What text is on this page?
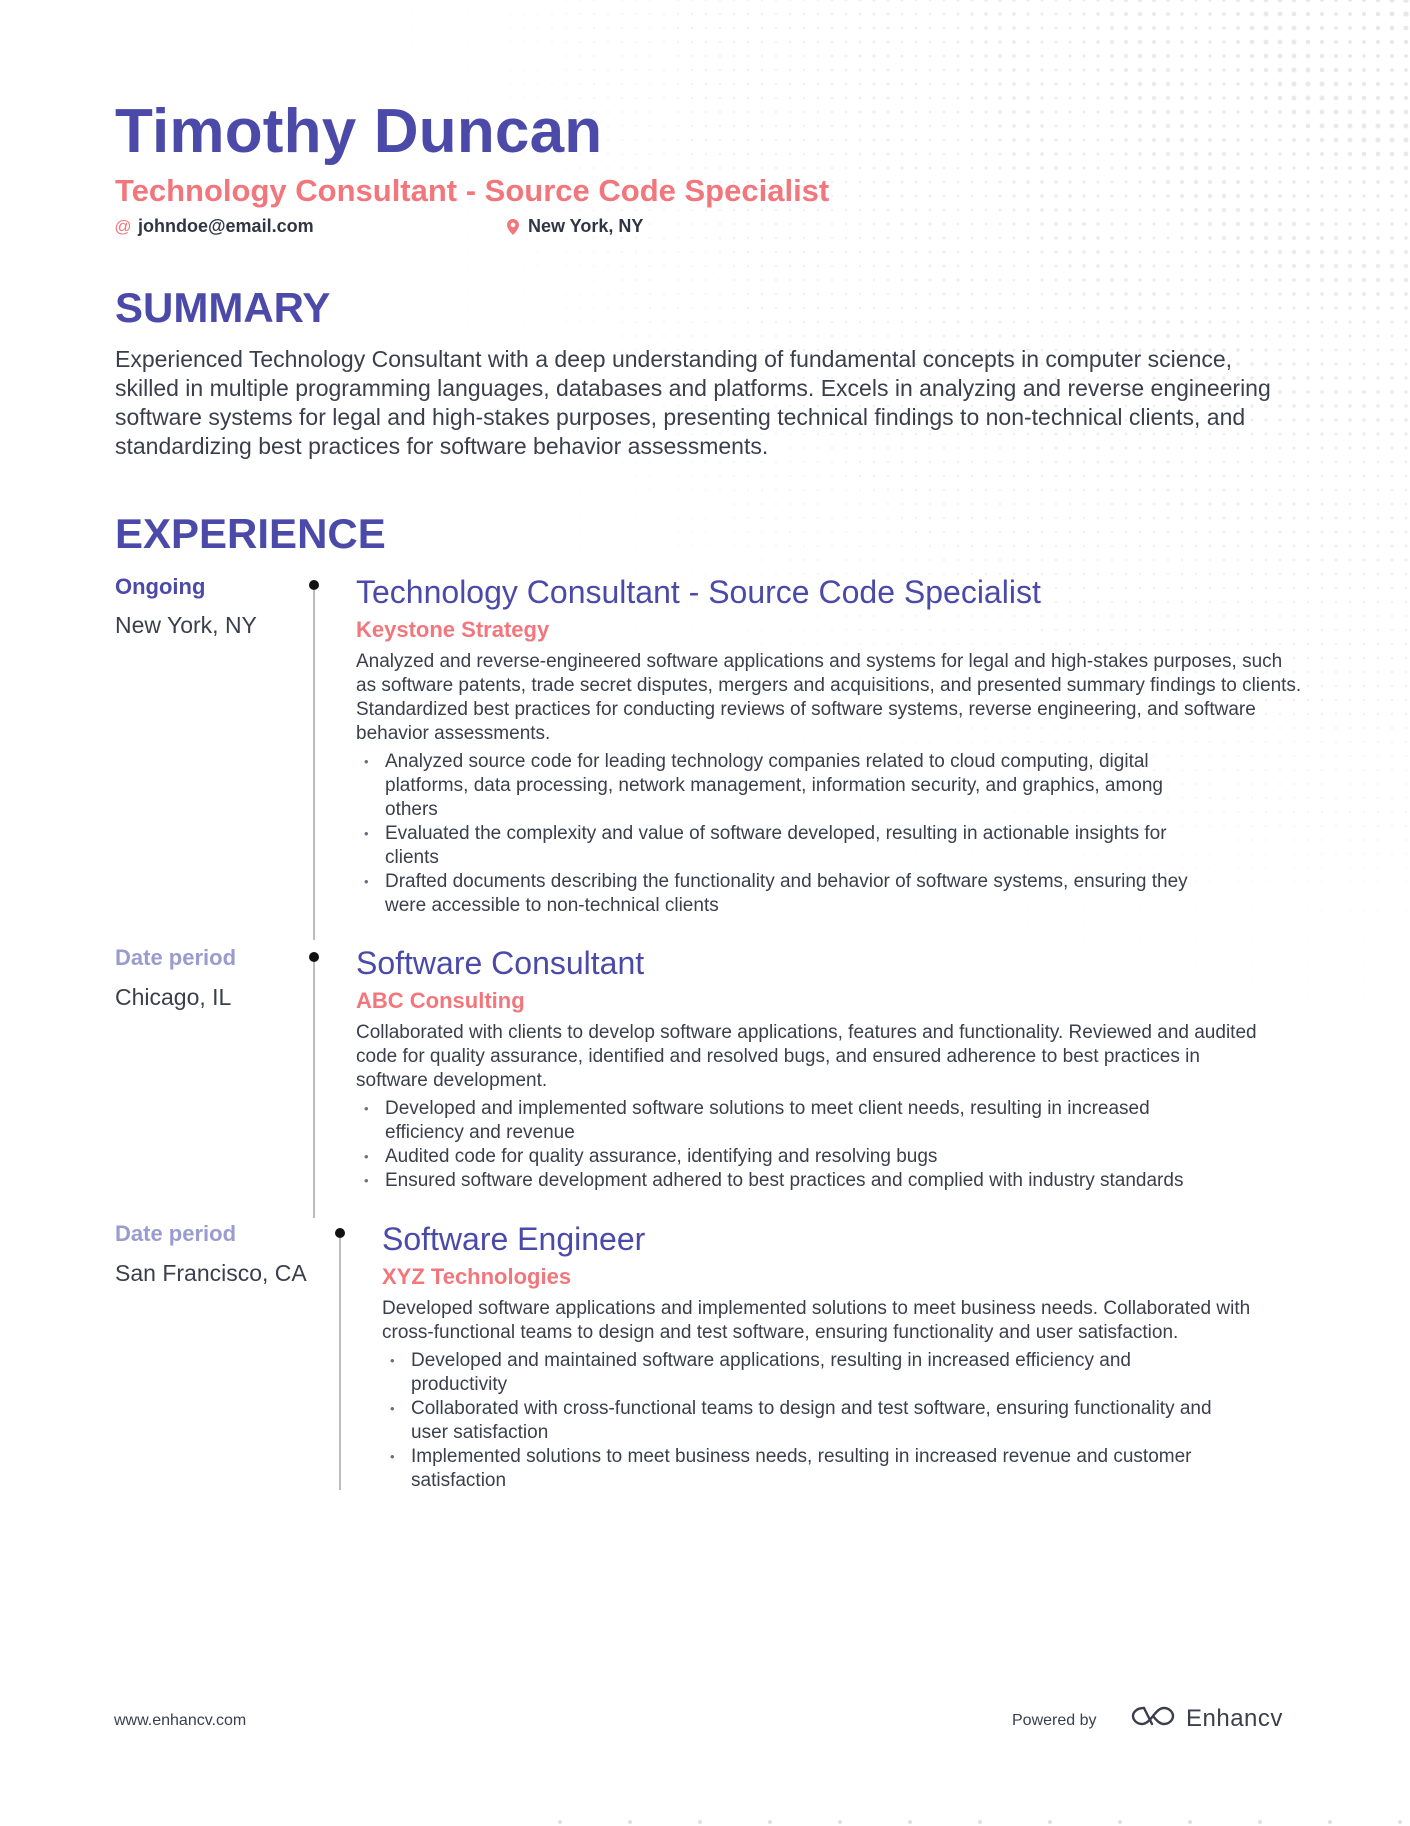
Timothy Duncan
Technology Consultant - Source Code Specialist
@ johndoe@email.com	New York, NY
SUMMARY
Experienced Technology Consultant with a deep understanding of fundamental concepts in computer science, skilled in multiple programming languages, databases and platforms. Excels in analyzing and reverse engineering software systems for legal and high-stakes purposes, presenting technical findings to non-technical clients, and standardizing best practices for software behavior assessments.
EXPERIENCE
Ongoing
New York, NY
Technology Consultant - Source Code Specialist
Keystone Strategy
Analyzed and reverse-engineered software applications and systems for legal and high-stakes purposes, such as software patents, trade secret disputes, mergers and acquisitions, and presented summary findings to clients. Standardized best practices for conducting reviews of software systems, reverse engineering, and software behavior assessments.
• Analyzed source code for leading technology companies related to cloud computing, digital platforms, data processing, network management, information security, and graphics, among others
• Evaluated the complexity and value of software developed, resulting in actionable insights for clients
• Drafted documents describing the functionality and behavior of software systems, ensuring they were accessible to non-technical clients
Date period
Chicago, IL
Software Consultant
ABC Consulting
Collaborated with clients to develop software applications, features and functionality. Reviewed and audited code for quality assurance, identified and resolved bugs, and ensured adherence to best practices in software development.
• Developed and implemented software solutions to meet client needs, resulting in increased efficiency and revenue
• Audited code for quality assurance, identifying and resolving bugs
• Ensured software development adhered to best practices and complied with industry standards
Date period
San Francisco, CA
Software Engineer
XYZ Technologies
Developed software applications and implemented solutions to meet business needs. Collaborated with cross-functional teams to design and test software, ensuring functionality and user satisfaction.
• Developed and maintained software applications, resulting in increased efficiency and productivity
• Collaborated with cross-functional teams to design and test software, ensuring functionality and user satisfaction
• Implemented solutions to meet business needs, resulting in increased revenue and customer satisfaction
www.enhancv.com	Powered by	Enhancv
